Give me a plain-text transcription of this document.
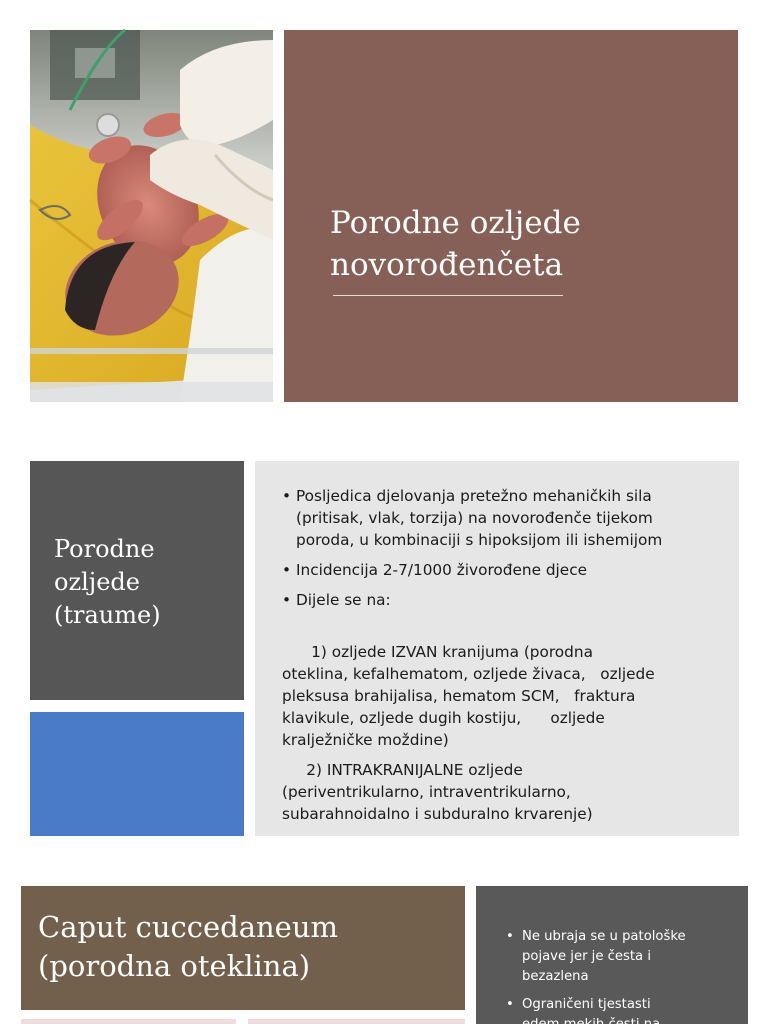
Porodne ozljede
novorođenčeta
Porodne
ozljede
(traume)
• Posljedica djelovanja pretežno mehaničkih sila
(pritisak, vlak, torzija) na novorođenče tijekom
poroda, u kombinaciji s hipoksijom ili ishemijom
• Incidencija 2-7/1000 živorođene djece
• Dijele se na:

1) ozljede IZVAN kranijuma (porodna
oteklina, kefalhematom, ozljede živaca,   ozljede
pleksusa brahijalisa, hematom SCM,   fraktura
klavikule, ozljede dugih kostiju,      ozljede
kralježničke moždine)

2) INTRAKRANIJALNE ozljede
(periventrikularno, intraventrikularno,
subarahnoidalno i subduralno krvarenje)

Caput cuccedaneum
(porodna oteklina)
• Ne ubraja se u patološke
pojave jer je česta i
bezazlena
• Ograničeni tjestasti
edem mekih česti na
